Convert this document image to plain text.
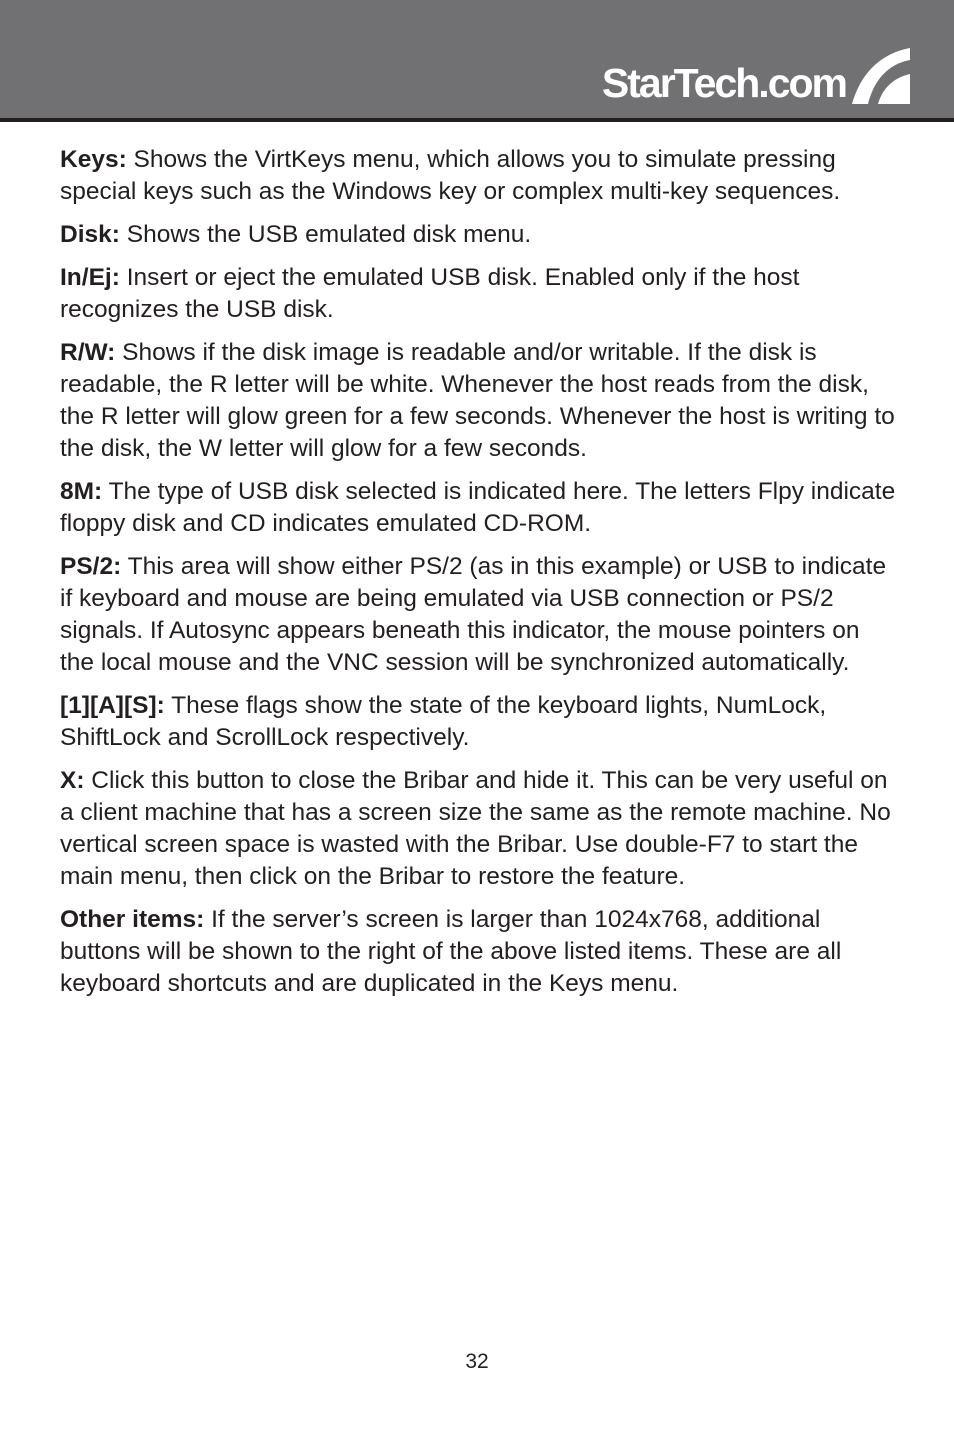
StarTech.com

Keys: Shows the VirtKeys menu, which allows you to simulate pressing special keys such as the Windows key or complex multi-key sequences.

Disk: Shows the USB emulated disk menu.

In/Ej: Insert or eject the emulated USB disk. Enabled only if the host recognizes the USB disk.

R/W: Shows if the disk image is readable and/or writable. If the disk is readable, the R letter will be white. Whenever the host reads from the disk, the R letter will glow green for a few seconds. Whenever the host is writing to the disk, the W letter will glow for a few seconds.

8M: The type of USB disk selected is indicated here. The letters Flpy indicate floppy disk and CD indicates emulated CD-ROM.

PS/2: This area will show either PS/2 (as in this example) or USB to indicate if keyboard and mouse are being emulated via USB connection or PS/2 signals. If Autosync appears beneath this indicator, the mouse pointers on the local mouse and the VNC session will be synchronized automatically.

[1][A][S]: These flags show the state of the keyboard lights, NumLock, ShiftLock and ScrollLock respectively.

X: Click this button to close the Bribar and hide it. This can be very useful on a client machine that has a screen size the same as the remote machine. No vertical screen space is wasted with the Bribar. Use double-F7 to start the main menu, then click on the Bribar to restore the feature.

Other items: If the server’s screen is larger than 1024x768, additional buttons will be shown to the right of the above listed items. These are all keyboard shortcuts and are duplicated in the Keys menu.

32
